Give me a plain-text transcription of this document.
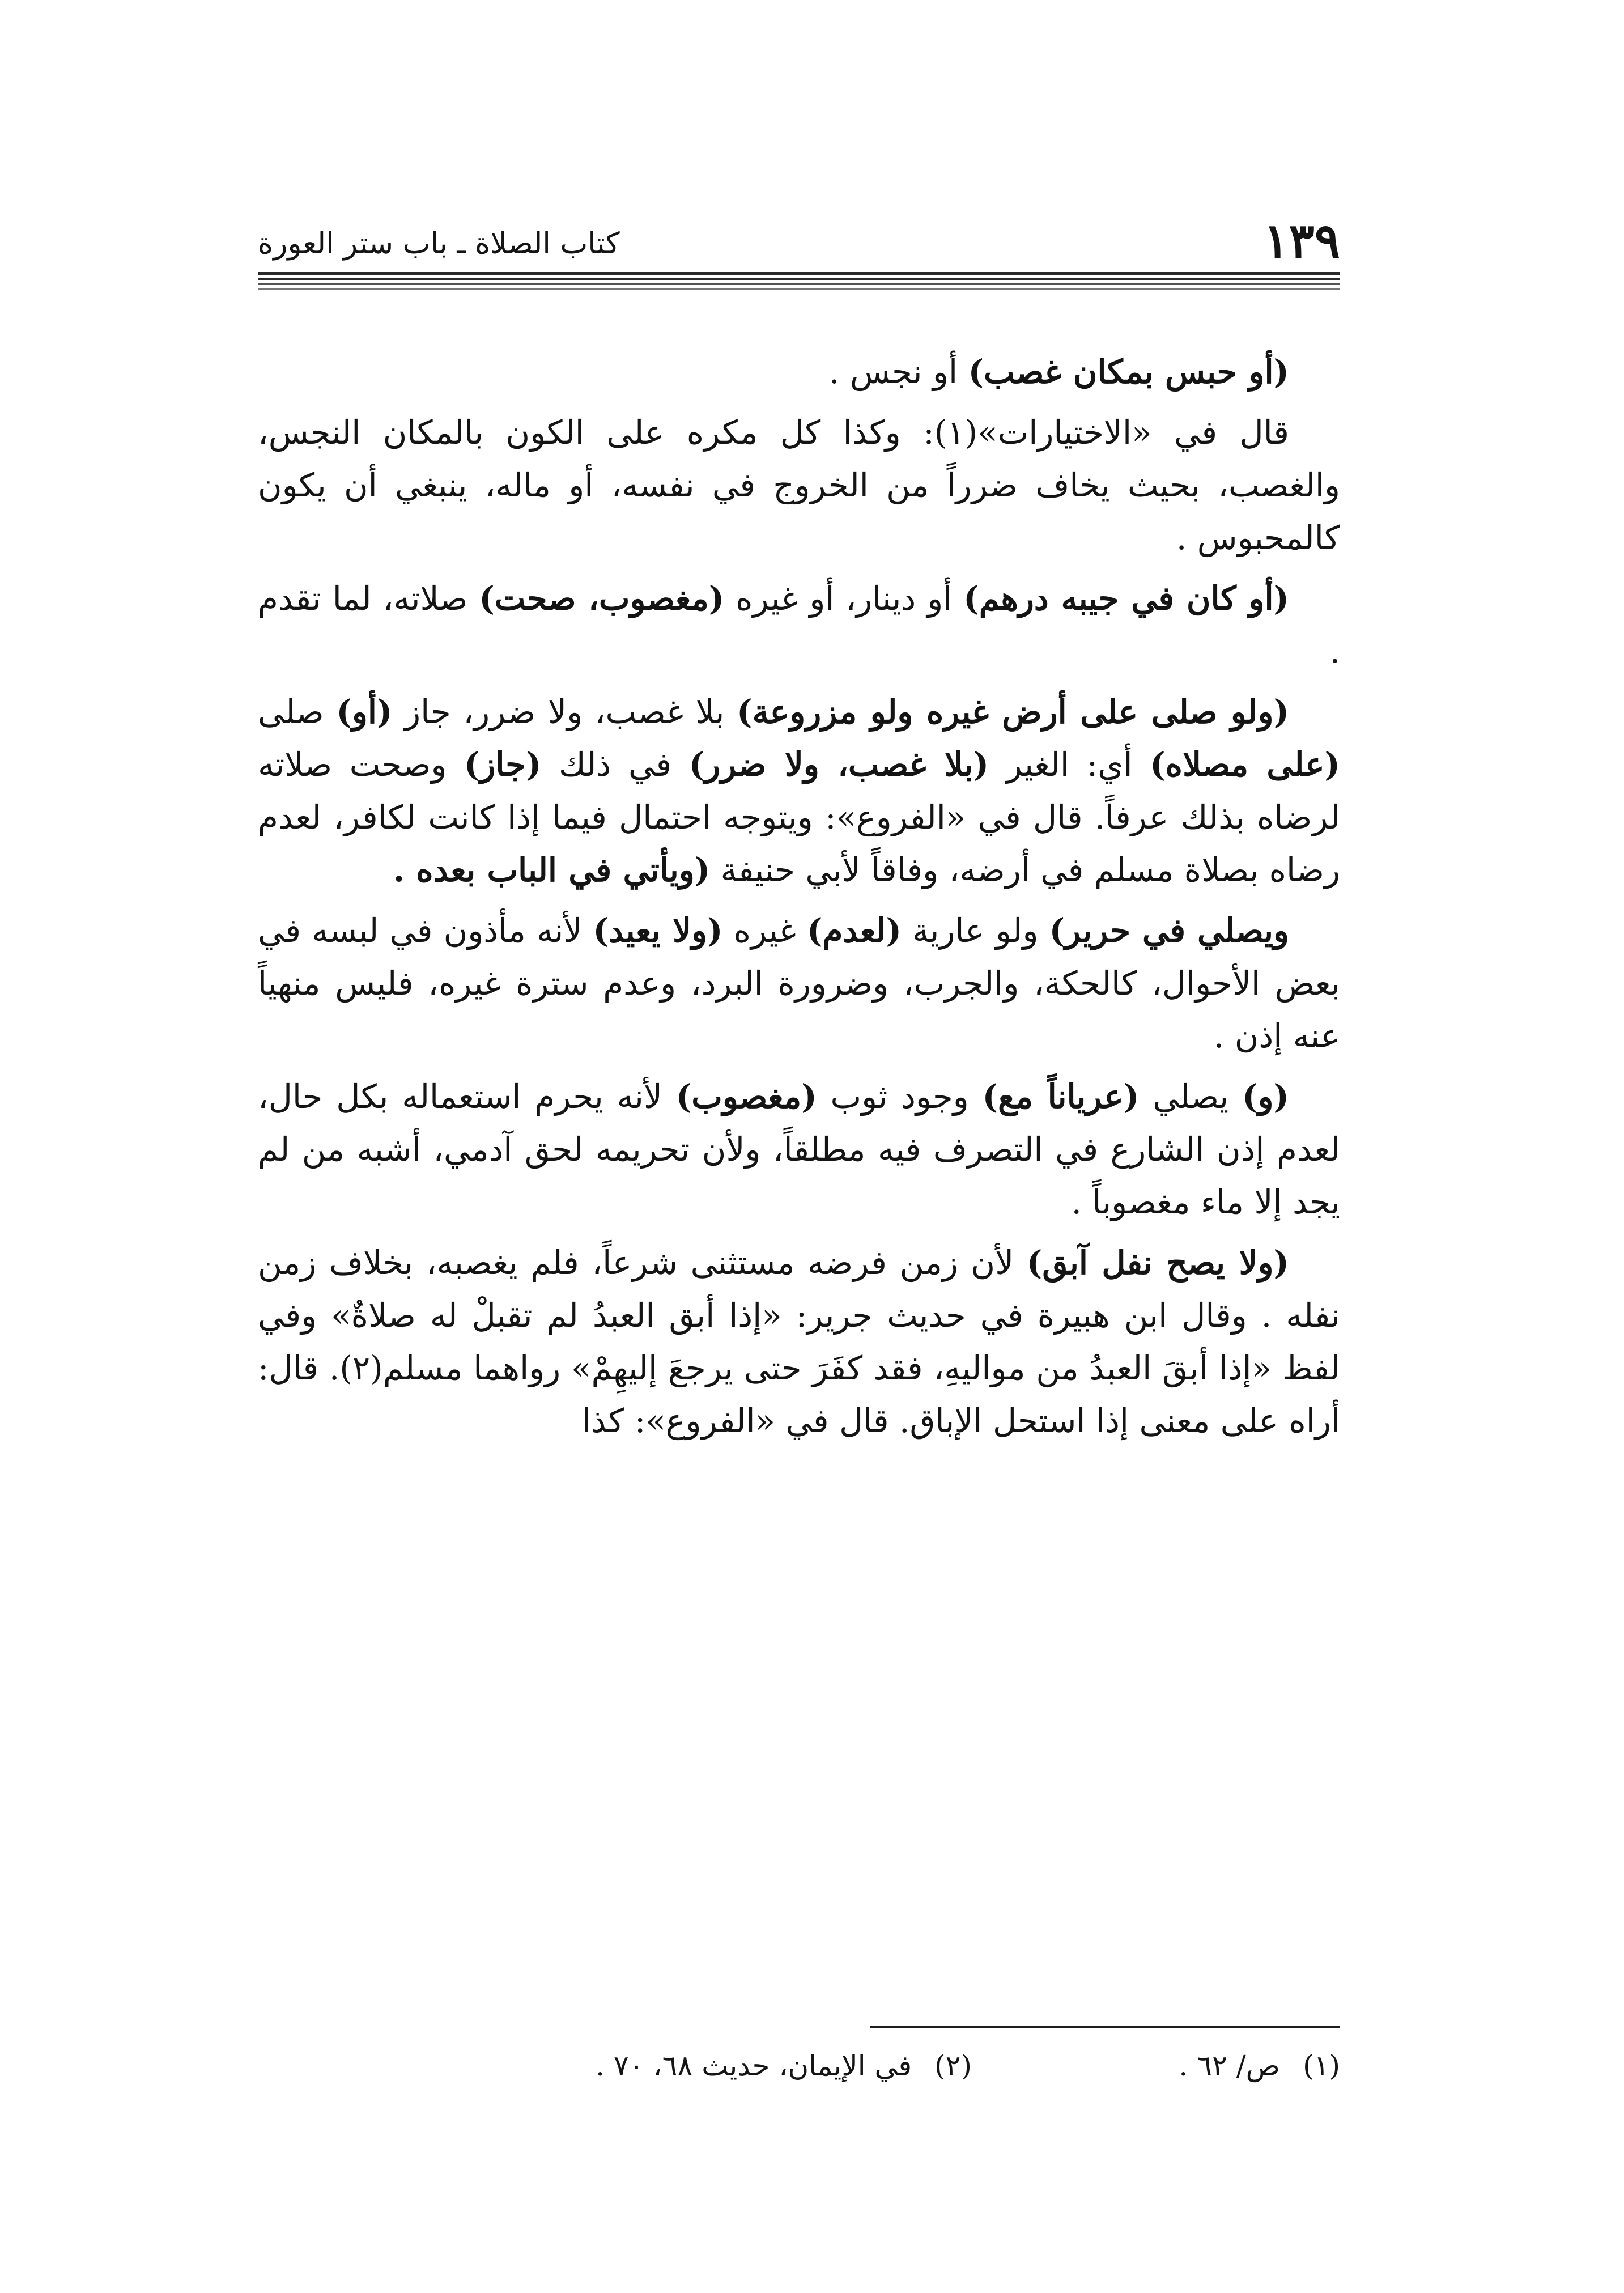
١٣٩
كتاب الصلاة ـ باب ستر العورة

(أو حبس بمكان غصب) أو نجس .

قال في «الاختيارات»(١): وكذا كل مكره على الكون بالمكان النجس، والغصب، بحيث يخاف ضرراً من الخروج في نفسه، أو ماله، ينبغي أن يكون كالمحبوس .

(أو كان في جيبه درهم) أو دينار، أو غيره (مغصوب، صحت) صلاته، لما تقدم .

(ولو صلى على أرض غيره ولو مزروعة) بلا غصب، ولا ضرر، جاز (أو) صلى (على مصلاه) أي: الغير (بلا غصب، ولا ضرر) في ذلك (جاز) وصحت صلاته لرضاه بذلك عرفاً. قال في «الفروع»: ويتوجه احتمال فيما إذا كانت لكافر، لعدم رضاه بصلاة مسلم في أرضه، وفاقاً لأبي حنيفة (ويأتي في الباب بعده .

ويصلي في حرير) ولو عارية (لعدم) غيره (ولا يعيد) لأنه مأذون في لبسه في بعض الأحوال، كالحكة، والجرب، وضرورة البرد، وعدم سترة غيره، فليس منهياً عنه إذن .

(و) يصلي (عرياناً مع) وجود ثوب (مغصوب) لأنه يحرم استعماله بكل حال، لعدم إذن الشارع في التصرف فيه مطلقاً، ولأن تحريمه لحق آدمي، أشبه من لم يجد إلا ماء مغصوباً .

(ولا يصح نفل آبق) لأن زمن فرضه مستثنى شرعاً، فلم يغصبه، بخلاف زمن نفله . وقال ابن هبيرة في حديث جرير: «إذا أبق العبدُ لم تقبلْ له صلاةٌ» وفي لفظ «إذا أبقَ العبدُ من مواليهِ، فقد كفَرَ حتى يرجعَ إليهِمْ» رواهما مسلم(٢). قال: أراه على معنى إذا استحل الإباق. قال في «الفروع»: كذا

(١)ص/ ٦٢ .
(٢)في الإيمان، حديث ٦٨، ٧٠ .
